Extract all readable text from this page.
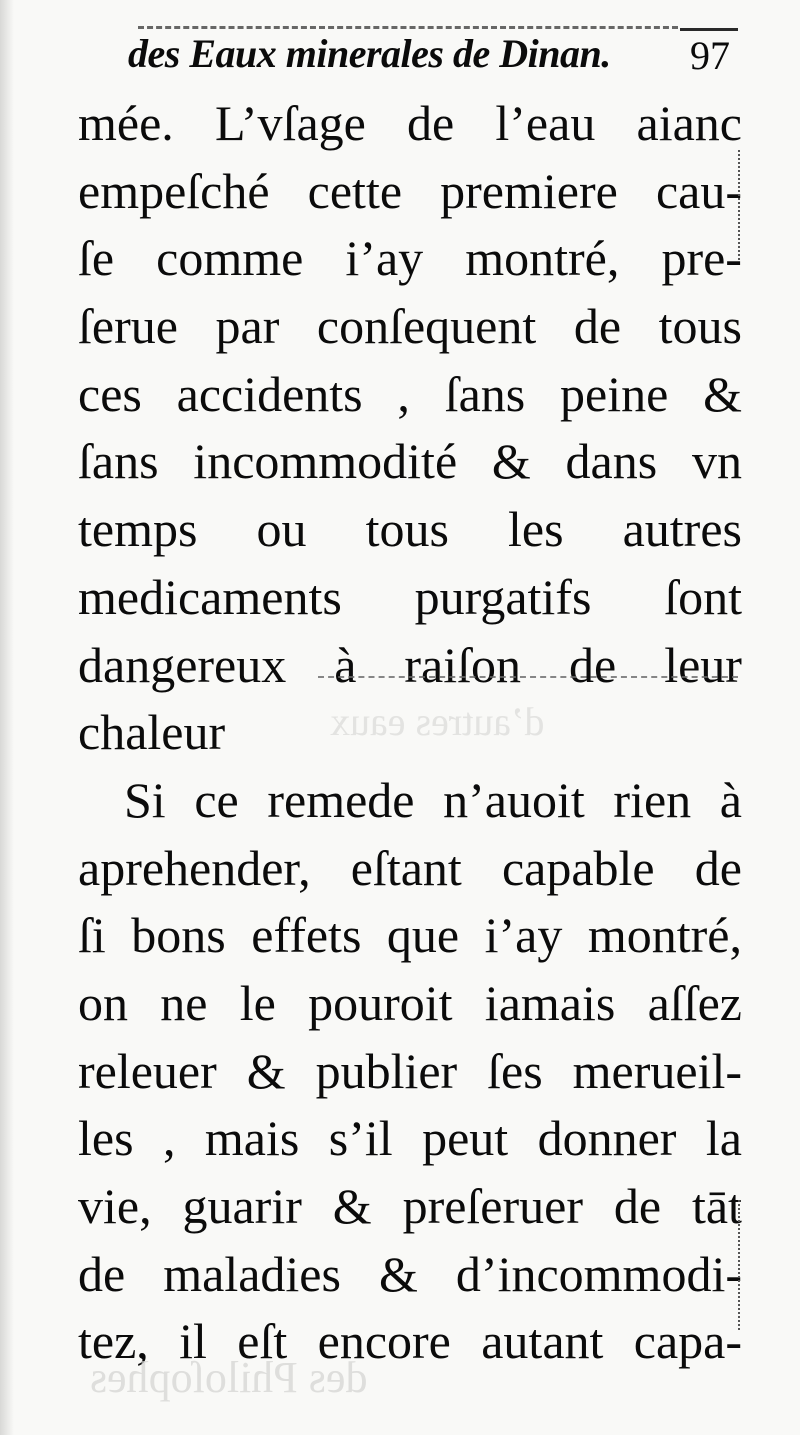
des Eaux minerales de Dinan. 97
mée. L’vſage de l’eau aianc
empeſché cette premiere cau-
ſe comme i’ay montré, pre-
ſerue par conſequent de tous
ces accidents , ſans peine &
ſans incommodité & dans vn
temps ou tous les autres
medicaments purgatifs ſont
dangereux à raiſon de leur
chaleur
Si ce remede n’auoit rien à
aprehender, eſtant capable de
ſi bons effets que i’ay montré,
on ne le pouroit iamais aſſez
releuer & publier ſes merueil-
les , mais s’il peut donner la
vie, guarir & preſeruer de tāt
de maladies & d’incommodi-
tez, il eſt encore autant capa-
d’autres eaux
des Philoſophes
